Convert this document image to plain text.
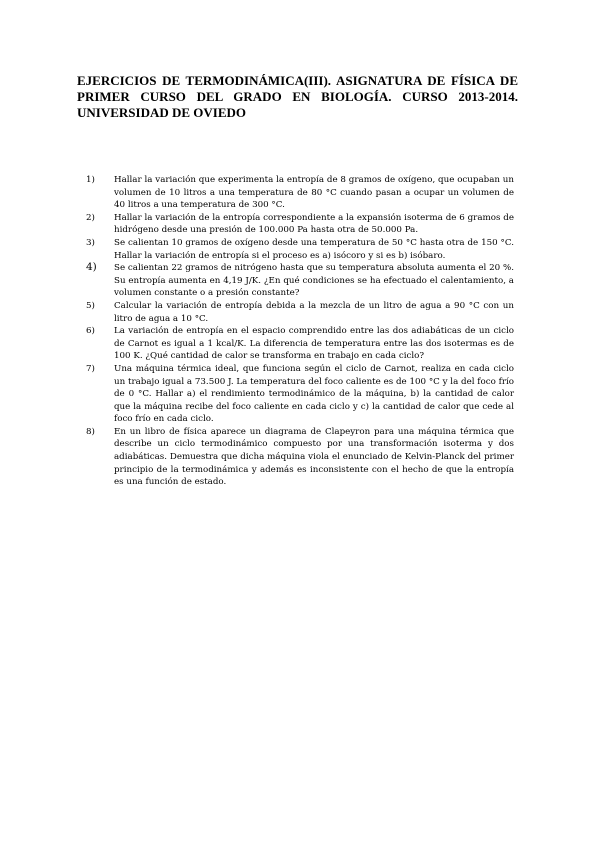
EJERCICIOS DE TERMODINÁMICA(III). ASIGNATURA DE FÍSICA DE PRIMER CURSO DEL GRADO EN BIOLOGÍA. CURSO 2013-2014. UNIVERSIDAD DE OVIEDO
1)	Hallar la variación que experimenta la entropía de 8 gramos de oxígeno, que ocupaban un volumen de 10 litros a una temperatura de 80 °C cuando pasan a ocupar un volumen de 40 litros a una temperatura de 300 °C.
2)	Hallar la variación de la entropía correspondiente a la expansión isoterma de 6 gramos de hidrógeno desde una presión de 100.000 Pa hasta otra de 50.000 Pa.
3)	Se calientan 10 gramos de oxígeno desde una temperatura de 50 °C hasta otra de 150 °C. Hallar la variación de entropía si el proceso es a) isócoro y si es b) isóbaro.
4)	Se calientan 22 gramos de nitrógeno hasta que su temperatura absoluta aumenta el 20 %. Su entropía aumenta en 4,19 J/K. ¿En qué condiciones se ha efectuado el calentamiento, a volumen constante o a presión constante?
5)	Calcular la variación de entropía debida a la mezcla de un litro de agua a 90 °C con un litro de agua a 10 °C.
6)	La variación de entropía en el espacio comprendido entre las dos adiabáticas de un ciclo de Carnot es igual a 1 kcal/K. La diferencia de temperatura entre las dos isotermas es de 100 K. ¿Qué cantidad de calor se transforma en trabajo en cada ciclo?
7)	Una máquina térmica ideal, que funciona según el ciclo de Carnot, realiza en cada ciclo un trabajo igual a 73.500 J. La temperatura del foco caliente es de 100 °C y la del foco frío de 0 °C. Hallar a) el rendimiento termodinámico de la máquina, b) la cantidad de calor que la máquina recibe del foco caliente en cada ciclo y c) la cantidad de calor que cede al foco frío en cada ciclo.
8)	En un libro de física aparece un diagrama de Clapeyron para una máquina térmica que describe un ciclo termodinámico compuesto por una transformación isoterma y dos adiabáticas. Demuestra que dicha máquina viola el enunciado de Kelvin-Planck del primer principio de la termodinámica y además es inconsistente con el hecho de que la entropía es una función de estado.
